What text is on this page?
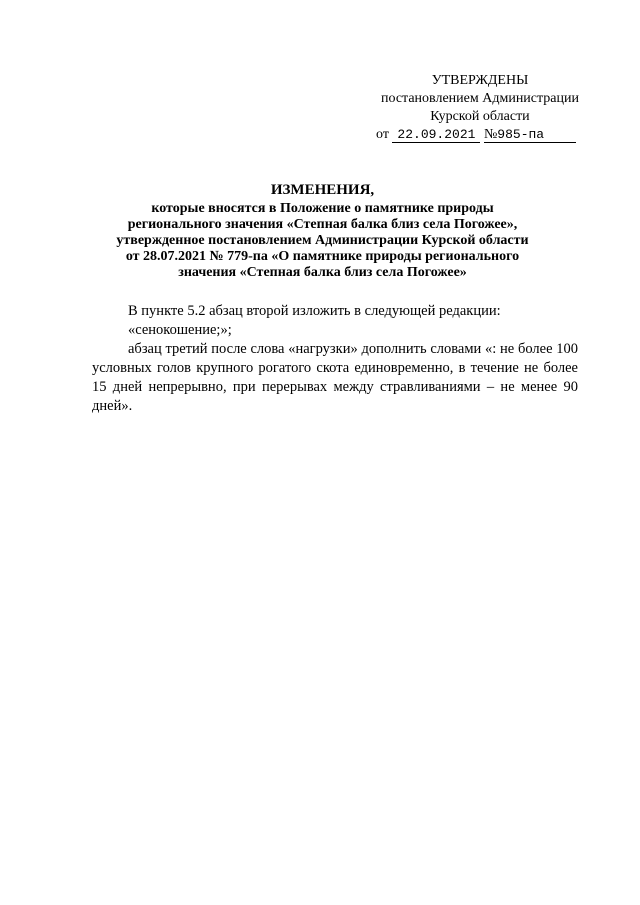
УТВЕРЖДЕНЫ
постановлением Администрации
Курской области
от 22.09.2021 №985-па
ИЗМЕНЕНИЯ,
которые вносятся в Положение о памятнике природы
регионального значения «Степная балка близ села Погожее»,
утвержденное постановлением Администрации Курской области
от 28.07.2021 № 779-па «О памятнике природы регионального
значения «Степная балка близ села Погожее»

В пункте 5.2 абзац второй изложить в следующей редакции:

«сенокошение;»;

абзац третий после слова «нагрузки» дополнить словами «: не более 100 условных голов крупного рогатого скота единовременно, в течение не более 15 дней непрерывно, при перерывах между стравливаниями – не менее 90 дней».
